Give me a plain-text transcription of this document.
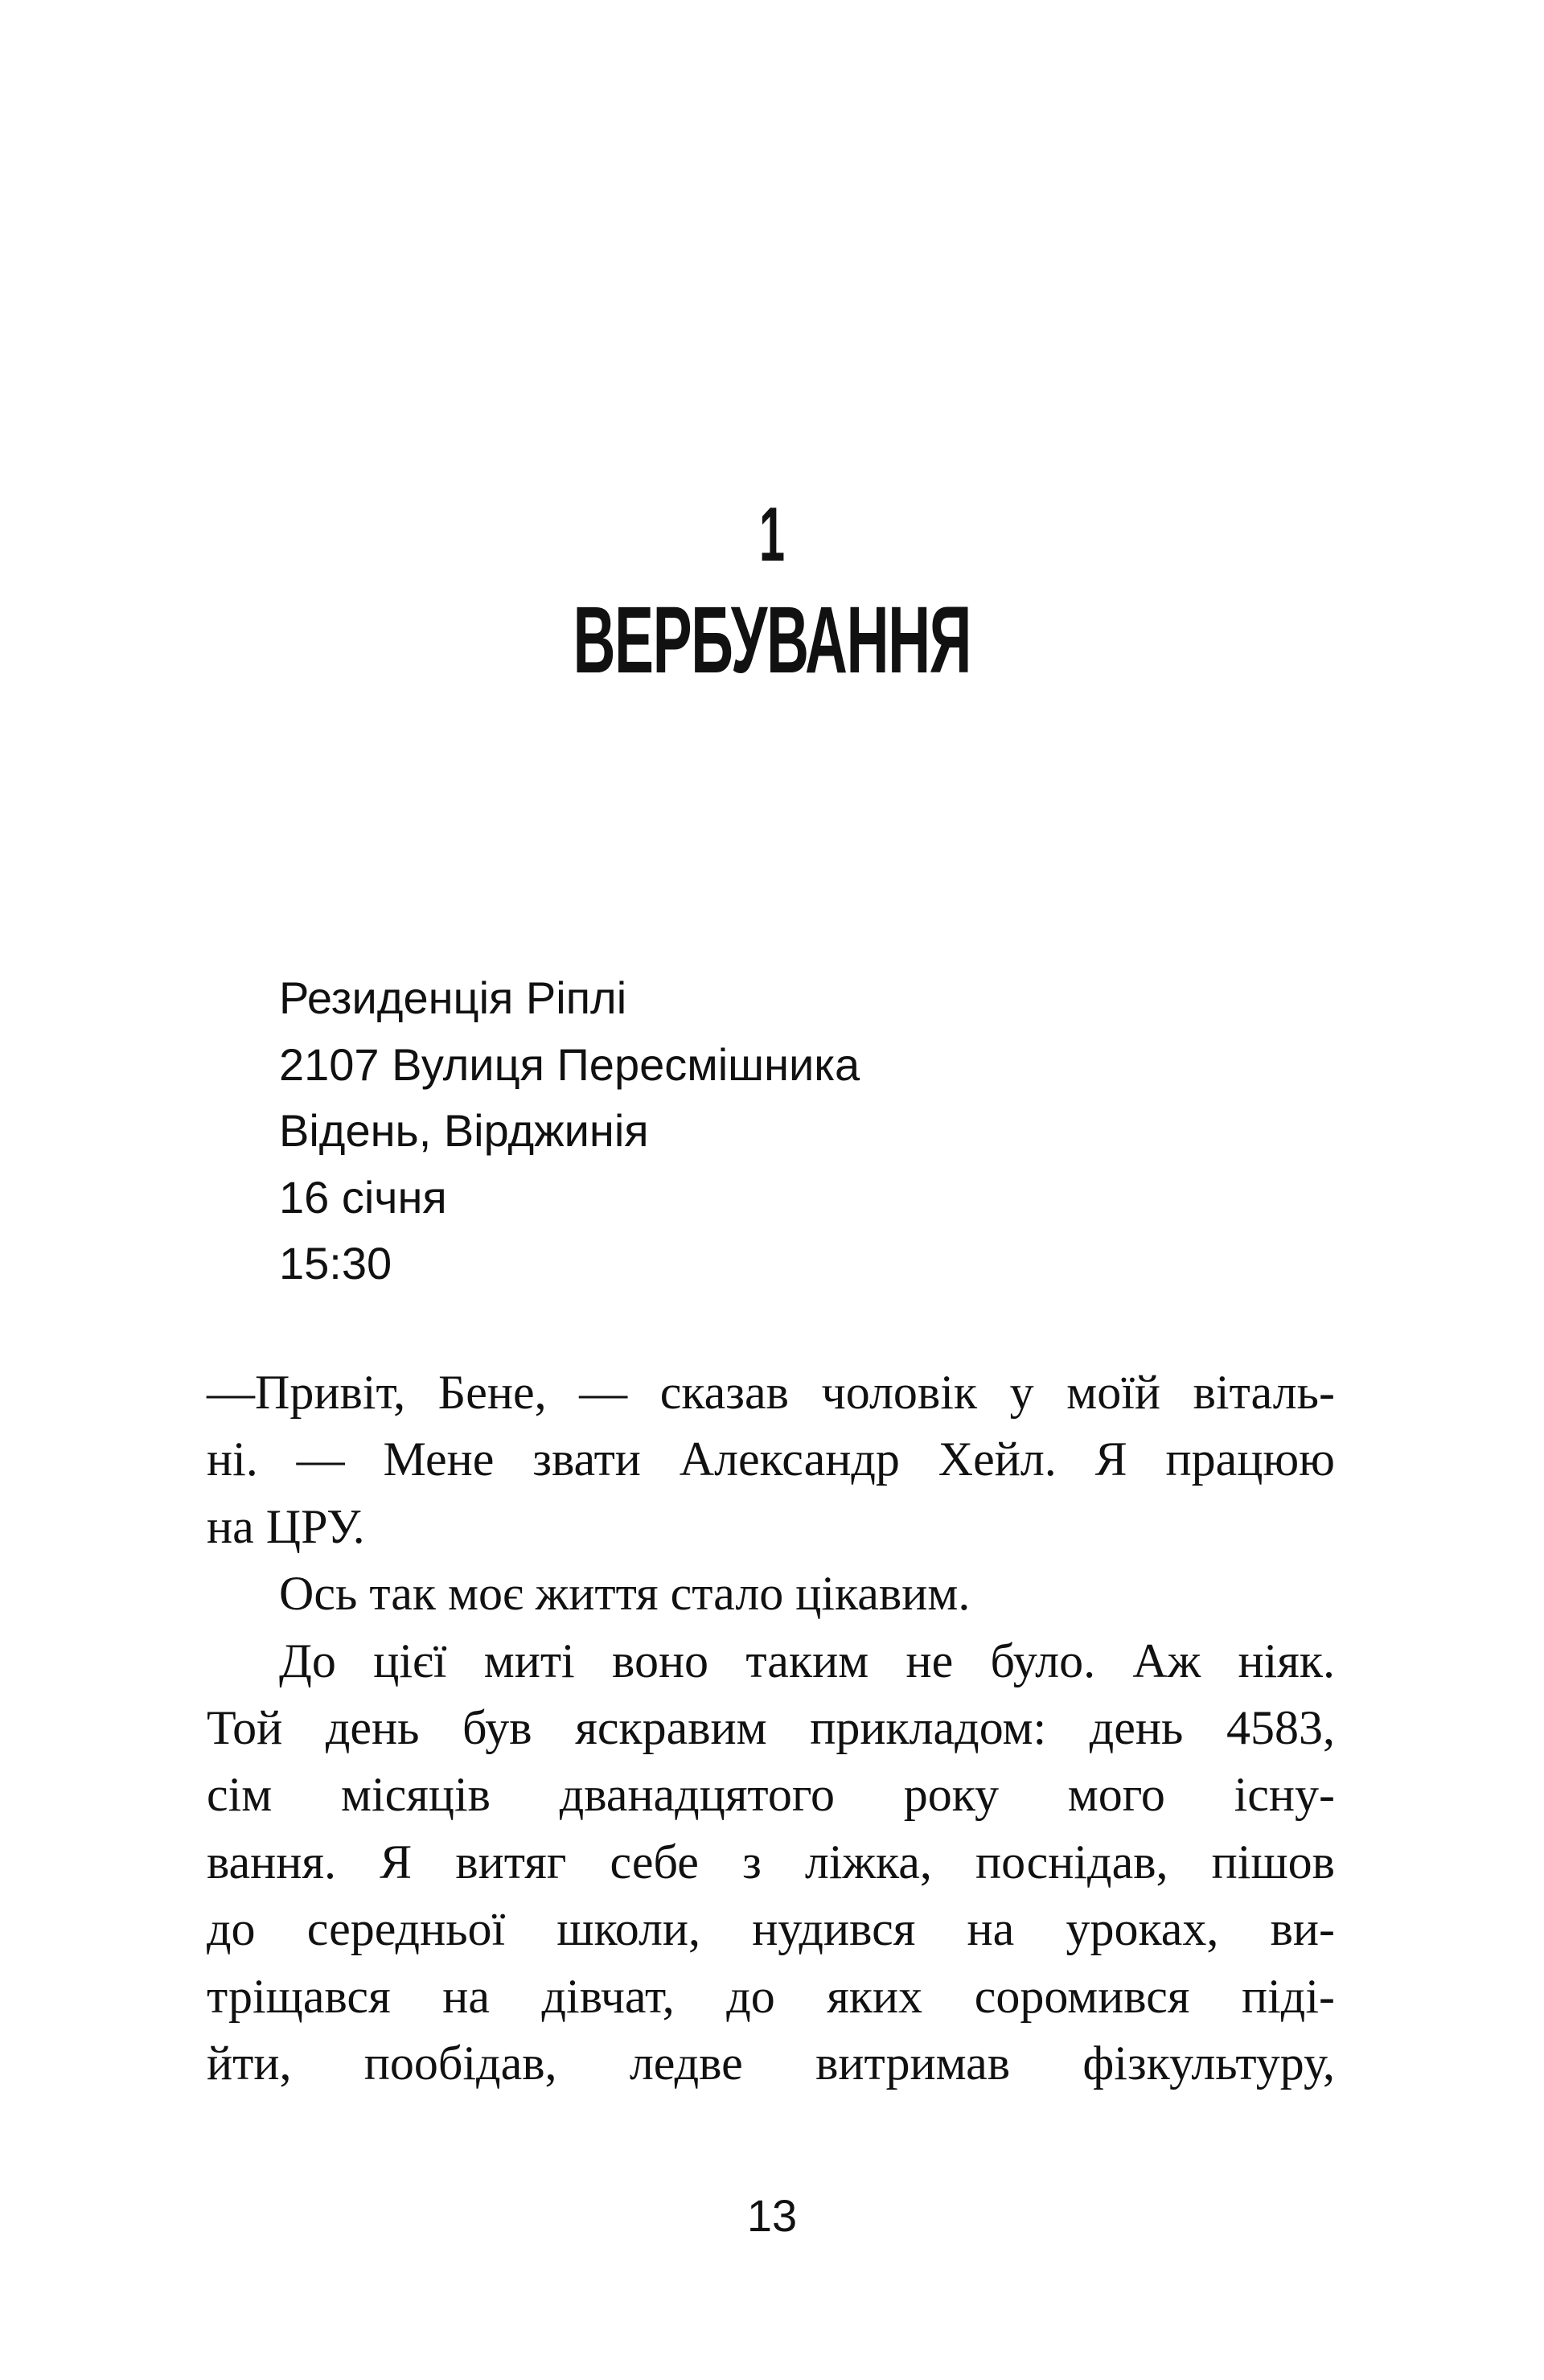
1
ВЕРБУВАННЯ
Резиденція Ріплі
2107 Вулиця Пересмішника
Відень, Вірджинія
16 січня
15:30
—Привіт, Бене, — сказав чоловік у моїй віталь-
ні. — Мене звати Александр Хейл. Я працюю
на ЦРУ.
Ось так моє життя стало цікавим.
До цієї миті воно таким не було. Аж ніяк.
Той день був яскравим прикладом: день 4583,
сім місяців дванадцятого року мого існу-
вання. Я витяг себе з ліжка, поснідав, пішов
до середньої школи, нудився на уроках, ви-
тріщався на дівчат, до яких соромився піді-
йти, пообідав, ледве витримав фізкультуру,
13
